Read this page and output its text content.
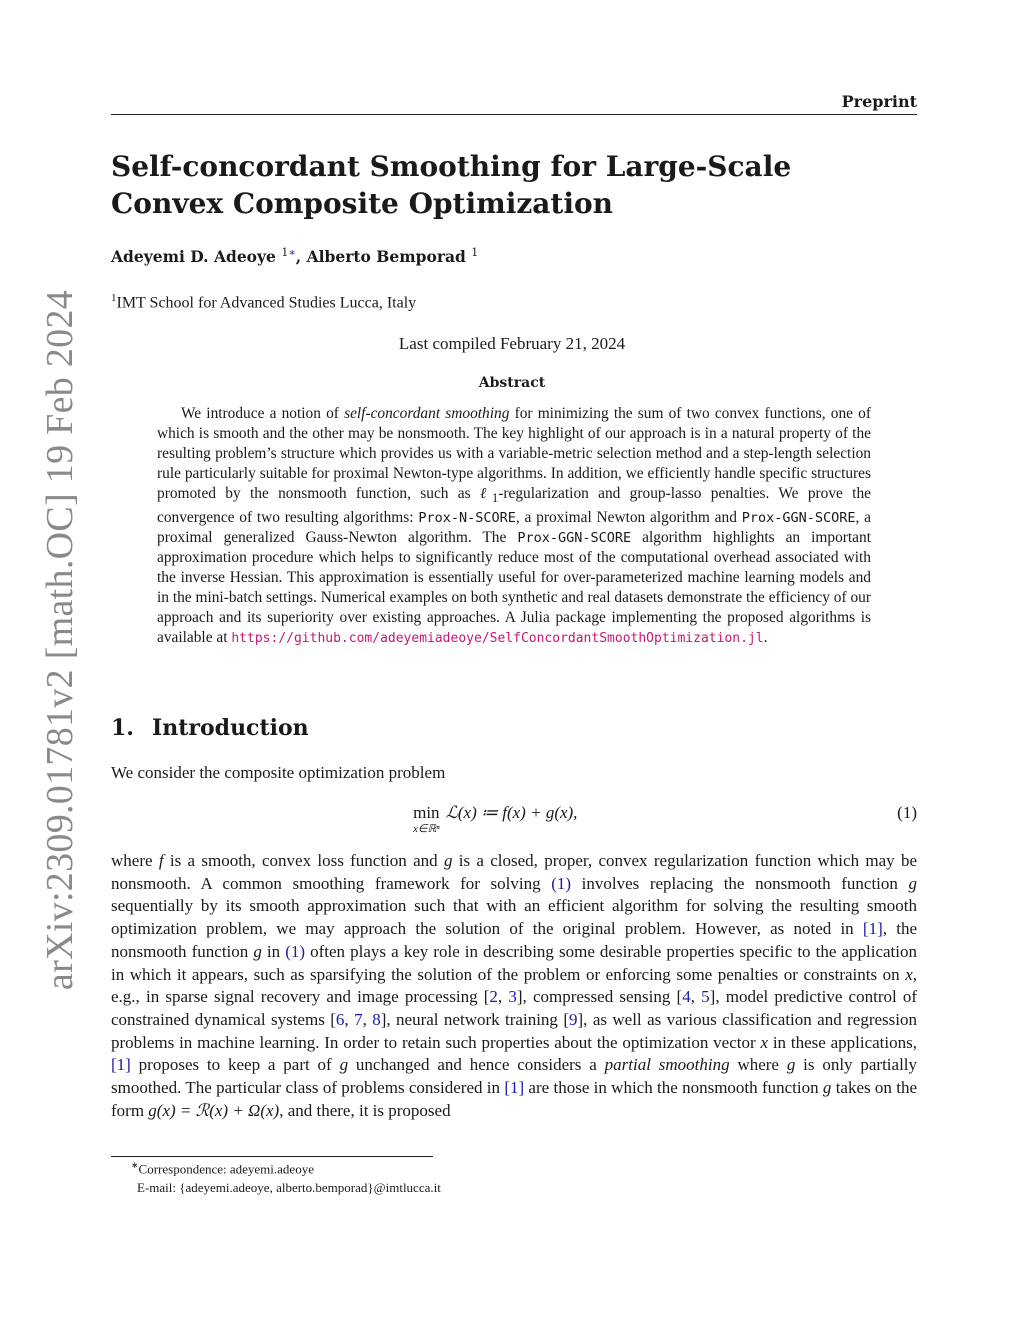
arXiv:2309.01781v2 [math.OC] 19 Feb 2024
Preprint
Self-concordant Smoothing for Large-Scale Convex Composite Optimization
Adeyemi D. Adeoye $^{1∗}$, Alberto Bemporad $^1$
$^1$IMT School for Advanced Studies Lucca, Italy
Last compiled February 21, 2024
Abstract

We introduce a notion of self-concordant smoothing for minimizing the sum of two convex functions, one of which is smooth and the other may be nonsmooth. The key highlight of our approach is in a natural property of the resulting problem’s structure which provides us with a variable-metric selection method and a step-length selection rule particularly suitable for proximal Newton-type algorithms. In addition, we efficiently handle specific structures promoted by the nonsmooth function, such as ℓ$_1$-regularization and group-lasso penalties. We prove the convergence of two resulting algorithms: Prox-N-SCORE, a proximal Newton algorithm and Prox-GGN-SCORE, a proximal generalized Gauss-Newton algorithm. The Prox-GGN-SCORE algorithm highlights an important approximation procedure which helps to significantly reduce most of the computational overhead associated with the inverse Hessian. This approximation is essentially useful for over-parameterized machine learning models and in the mini-batch settings. Numerical examples on both synthetic and real datasets demonstrate the efficiency of our approach and its superiority over existing approaches. A Julia package implementing the proposed algorithms is available at https://github.com/adeyemiadeoye/SelfConcordantSmoothOptimization.jl.

1. Introduction
We consider the composite optimization problem
min
x∈ℝⁿ
ℒ(x) ≔ f(x) + g(x),	(1)

where f is a smooth, convex loss function and g is a closed, proper, convex regularization function which may be nonsmooth. A common smoothing framework for solving (1) involves replacing the nonsmooth function g sequentially by its smooth approximation such that with an efficient algorithm for solving the resulting smooth optimization problem, we may approach the solution of the original problem. However, as noted in [1], the nonsmooth function g in (1) often plays a key role in describing some desirable properties specific to the application in which it appears, such as sparsifying the solution of the problem or enforcing some penalties or constraints on x, e.g., in sparse signal recovery and image processing [2, 3], compressed sensing [4, 5], model predictive control of constrained dynamical systems [6, 7, 8], neural network training [9], as well as various classification and regression problems in machine learning. In order to retain such properties about the optimization vector x in these applications, [1] proposes to keep a part of g unchanged and hence considers a partial smoothing where g is only partially smoothed. The particular class of problems considered in [1] are those in which the nonsmooth function g takes on the form g(x) = ℛ(x) + Ω(x), and there, it is proposed

∗Correspondence: adeyemi.adeoye
E-mail: {adeyemi.adeoye, alberto.bemporad}@imtlucca.it
